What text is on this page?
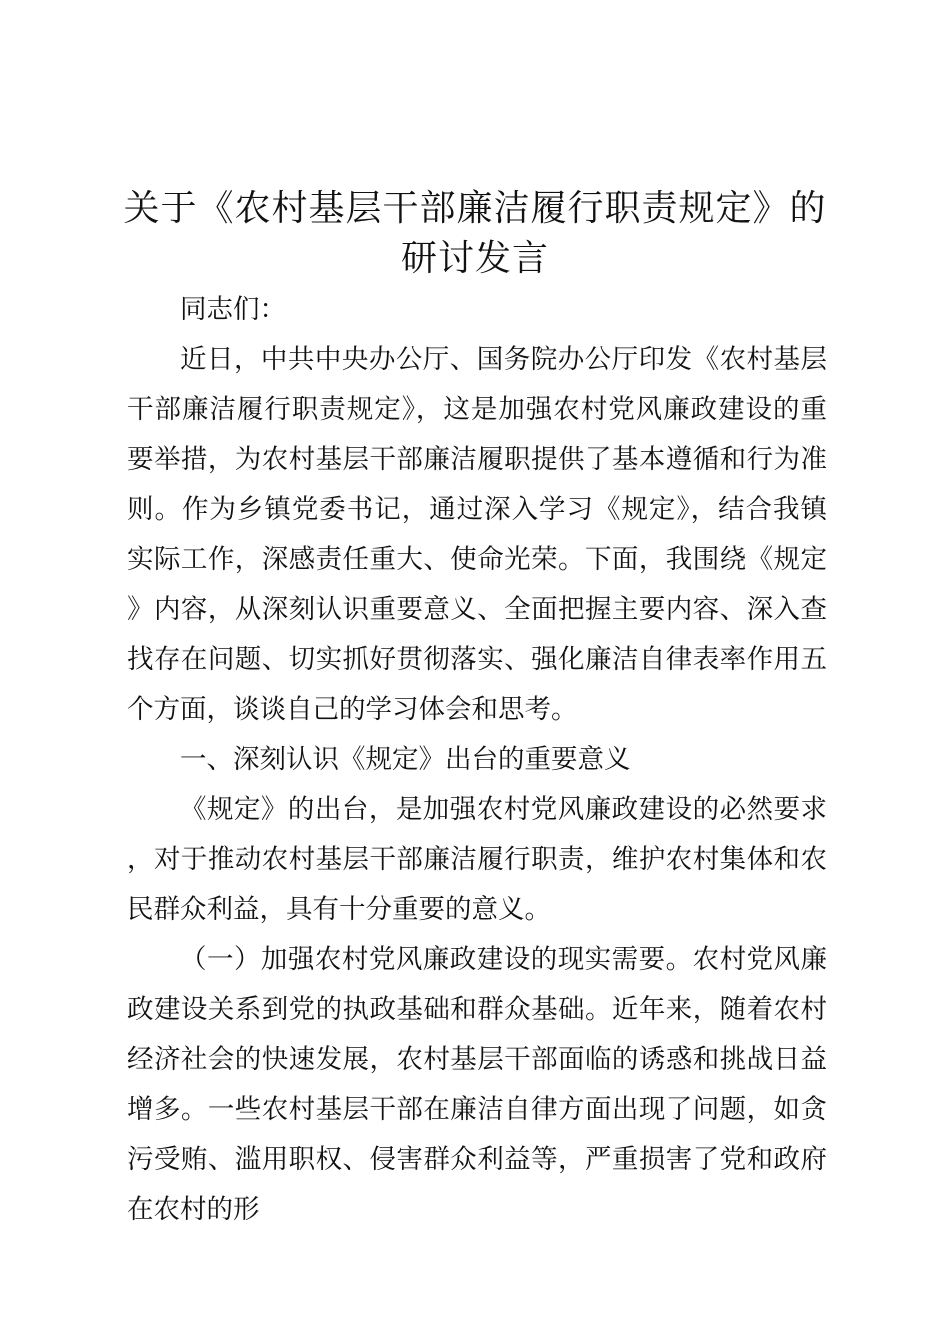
关于《农村基层干部廉洁履行职责规定》的研讨发言

同志们：

近日，中共中央办公厅、国务院办公厅印发《农村基层干部廉洁履行职责规定》，这是加强农村党风廉政建设的重要举措，为农村基层干部廉洁履职提供了基本遵循和行为准则。作为乡镇党委书记，通过深入学习《规定》，结合我镇实际工作，深感责任重大、使命光荣。下面，我围绕《规定》内容，从深刻认识重要意义、全面把握主要内容、深入查找存在问题、切实抓好贯彻落实、强化廉洁自律表率作用五个方面，谈谈自己的学习体会和思考。

一、深刻认识《规定》出台的重要意义

《规定》的出台，是加强农村党风廉政建设的必然要求，对于推动农村基层干部廉洁履行职责，维护农村集体和农民群众利益，具有十分重要的意义。

（一）加强农村党风廉政建设的现实需要。农村党风廉政建设关系到党的执政基础和群众基础。近年来，随着农村经济社会的快速发展，农村基层干部面临的诱惑和挑战日益增多。一些农村基层干部在廉洁自律方面出现了问题，如贪污受贿、滥用职权、侵害群众利益等，严重损害了党和政府在农村的形
